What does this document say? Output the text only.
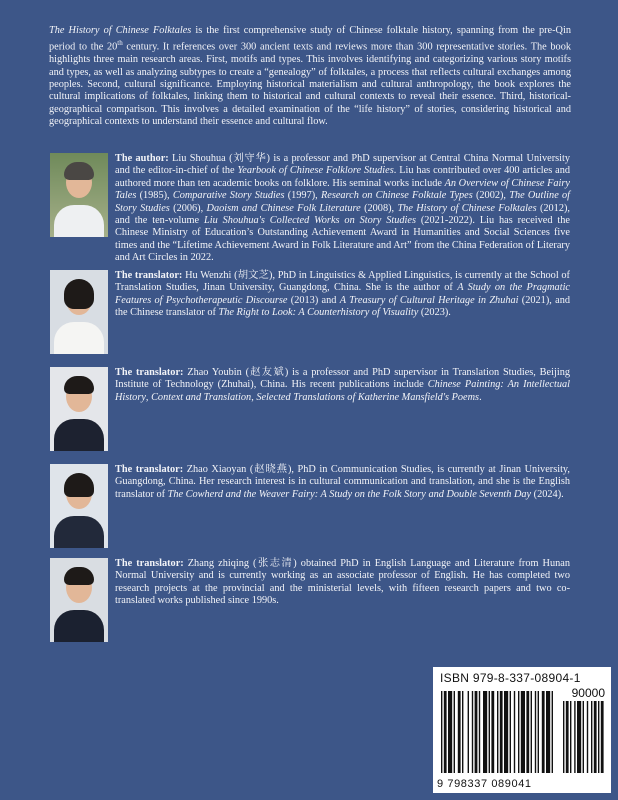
The History of Chinese Folktales is the first comprehensive study of Chinese folktale history, spanning from the pre-Qin period to the 20th century. It references over 300 ancient texts and reviews more than 300 representative stories. The book highlights three main research areas. First, motifs and types. This involves identifying and categorizing various story motifs and types, as well as analyzing subtypes to create a “genealogy” of folktales, a process that reflects cultural exchanges among peoples. Second, cultural significance. Employing historical materialism and cultural anthropology, the book explores the cultural implications of folktales, linking them to historical and cultural contexts to reveal their essence. Third, historical-geographical comparison. This involves a detailed examination of the “life history” of stories, considering historical and geographical contexts to understand their essence and cultural flow.
The author: Liu Shouhua (刘守华) is a professor and PhD supervisor at Central China Normal University and the editor-in-chief of the Yearbook of Chinese Folklore Studies. Liu has contributed over 400 articles and authored more than ten academic books on folklore. His seminal works include An Overview of Chinese Fairy Tales (1985), Comparative Story Studies (1997), Research on Chinese Folktale Types (2002), The Outline of Story Studies (2006), Daoism and Chinese Folk Literature (2008), The History of Chinese Folktales (2012), and the ten-volume Liu Shouhua's Collected Works on Story Studies (2021-2022). Liu has received the Chinese Ministry of Education’s Outstanding Achievement Award in Humanities and Social Sciences five times and the “Lifetime Achievement Award in Folk Literature and Art” from the China Federation of Literary and Art Circles in 2022.
The translator: Hu Wenzhi (胡文芝), PhD in Linguistics & Applied Linguistics, is currently at the School of Translation Studies, Jinan University, Guangdong, China. She is the author of A Study on the Pragmatic Features of Psychotherapeutic Discourse (2013) and A Treasury of Cultural Heritage in Zhuhai (2021), and the Chinese translator of The Right to Look: A Counterhistory of Visuality (2023).
The translator: Zhao Youbin (赵友斌) is a professor and PhD supervisor in Translation Studies, Beijing Institute of Technology (Zhuhai), China. His recent publications include Chinese Painting: An Intellectual History, Context and Translation, Selected Translations of Katherine Mansfield's Poems.
The translator: Zhao Xiaoyan (赵晓燕), PhD in Communication Studies, is currently at Jinan University, Guangdong, China. Her research interest is in cultural communication and translation, and she is the English translator of The Cowherd and the Weaver Fairy: A Study on the Folk Story and Double Seventh Day (2024).
The translator: Zhang zhiqing (张志清) obtained PhD in English Language and Literature from Hunan Normal University and is currently working as an associate professor of English. He has completed two research projects at the provincial and the ministerial levels, with fifteen research papers and two co-translated works published since 1990s.
ISBN 979-8-337-08904-1
90000
9 798337 089041
